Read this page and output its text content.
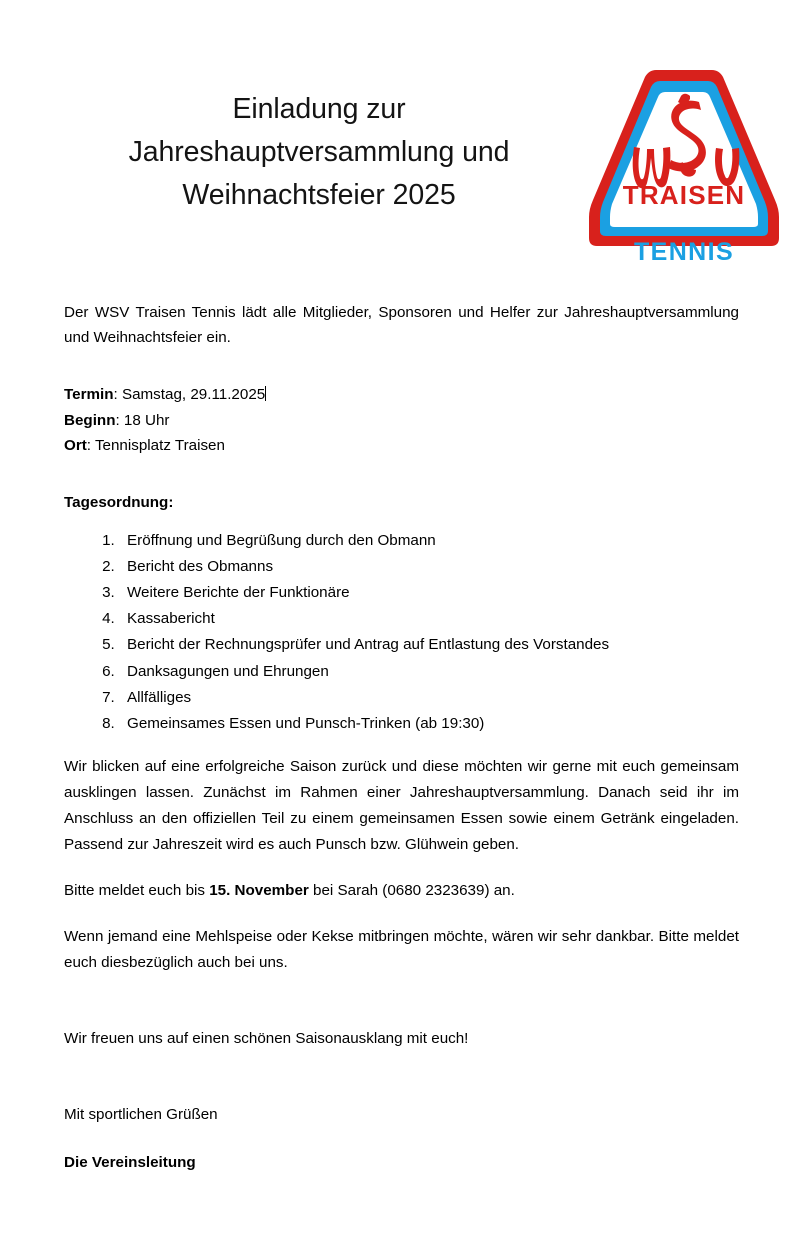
Einladung zur
Jahreshauptversammlung und
Weihnachtsfeier 2025	TRAISEN
TENNIS

Der WSV Traisen Tennis lädt alle Mitglieder, Sponsoren und Helfer zur Jahreshauptversammlung und Weihnachtsfeier ein.

Termin: Samstag, 29.11.2025
Beginn: 18 Uhr
Ort: Tennisplatz Traisen

Tagesordnung:

1. Eröffnung und Begrüßung durch den Obmann
2. Bericht des Obmanns
3. Weitere Berichte der Funktionäre
4. Kassabericht
5. Bericht der Rechnungsprüfer und Antrag auf Entlastung des Vorstandes
6. Danksagungen und Ehrungen
7. Allfälliges
8. Gemeinsames Essen und Punsch-Trinken (ab 19:30)

Wir blicken auf eine erfolgreiche Saison zurück und diese möchten wir gerne mit euch gemeinsam ausklingen lassen. Zunächst im Rahmen einer Jahreshauptversammlung. Danach seid ihr im Anschluss an den offiziellen Teil zu einem gemeinsamen Essen sowie einem Getränk eingeladen. Passend zur Jahreszeit wird es auch Punsch bzw. Glühwein geben.

Bitte meldet euch bis 15. November bei Sarah (0680 2323639) an.

Wenn jemand eine Mehlspeise oder Kekse mitbringen möchte, wären wir sehr dankbar. Bitte meldet euch diesbezüglich auch bei uns.

Wir freuen uns auf einen schönen Saisonausklang mit euch!

Mit sportlichen Grüßen

Die Vereinsleitung
